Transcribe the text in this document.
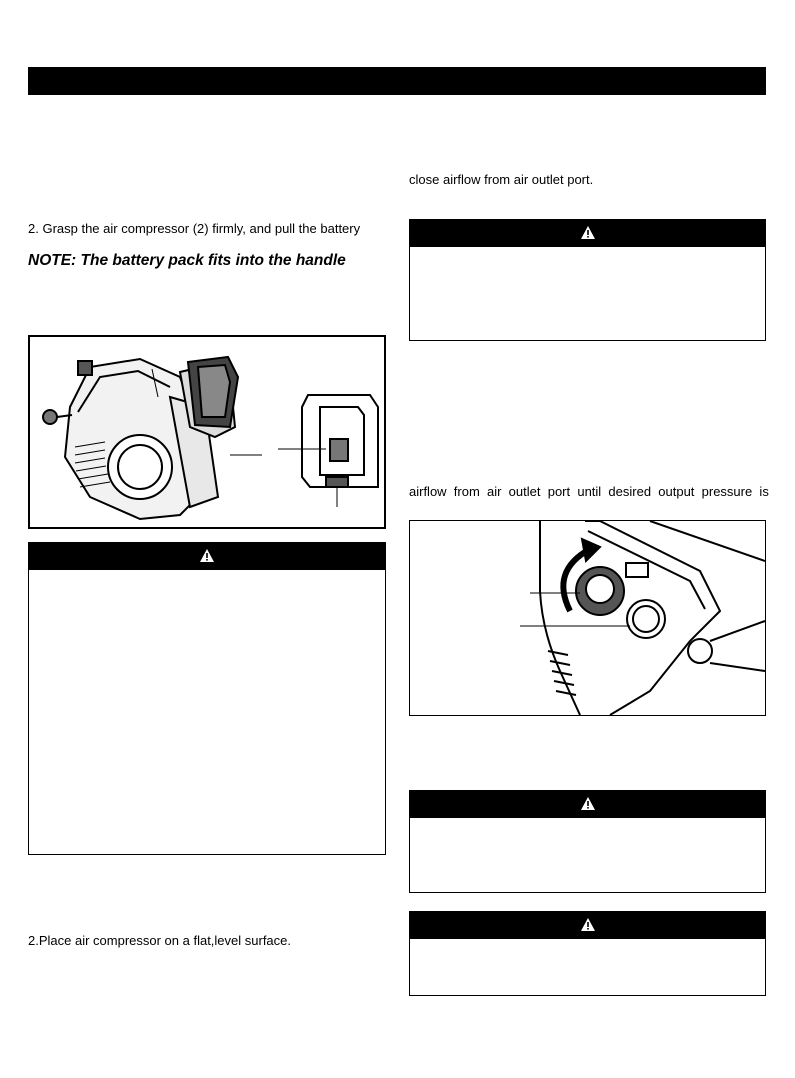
2. Grasp the air compressor (2) firmly, and pull the battery
NOTE: The battery pack fits into the handle
2.Place air compressor on a flat,level surface.
close airflow from air outlet port.
airflow  from  air  outlet  port  until  desired  output  pressure  is
